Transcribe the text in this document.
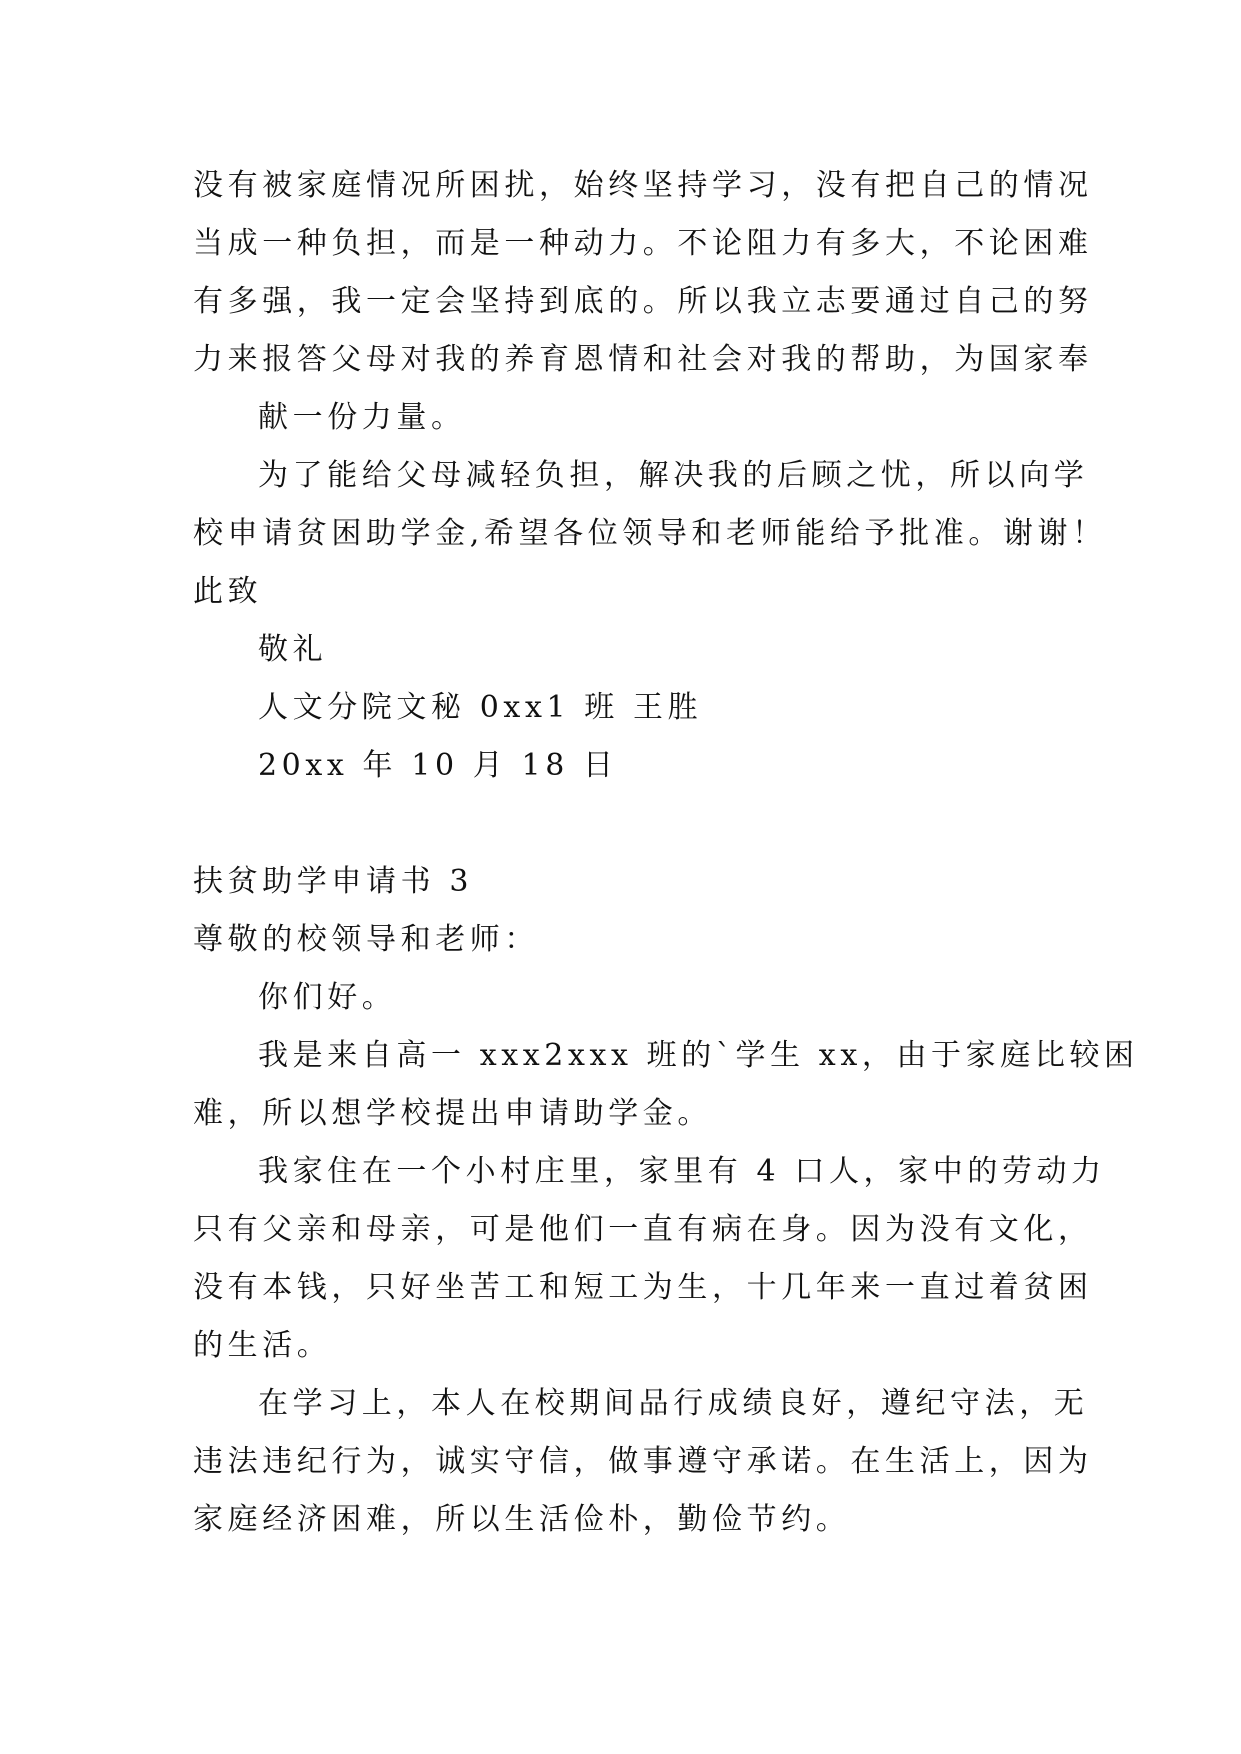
没有被家庭情况所困扰，始终坚持学习，没有把自己的情况
当成一种负担，而是一种动力。不论阻力有多大，不论困难
有多强，我一定会坚持到底的。所以我立志要通过自己的努
力来报答父母对我的养育恩情和社会对我的帮助，为国家奉
献一份力量。
为了能给父母减轻负担，解决我的后顾之忧，所以向学
校申请贫困助学金,希望各位领导和老师能给予批准。谢谢！
此致
敬礼
人文分院文秘 0xx1 班 王胜
20xx 年 10 月 18 日
扶贫助学申请书 3
尊敬的校领导和老师：
你们好。
我是来自高一 xxx2xxx 班的`学生 xx，由于家庭比较困
难，所以想学校提出申请助学金。
我家住在一个小村庄里，家里有 4 口人，家中的劳动力
只有父亲和母亲，可是他们一直有病在身。因为没有文化，
没有本钱，只好坐苦工和短工为生，十几年来一直过着贫困
的生活。
在学习上，本人在校期间品行成绩良好，遵纪守法，无
违法违纪行为，诚实守信，做事遵守承诺。在生活上，因为
家庭经济困难，所以生活俭朴，勤俭节约。
